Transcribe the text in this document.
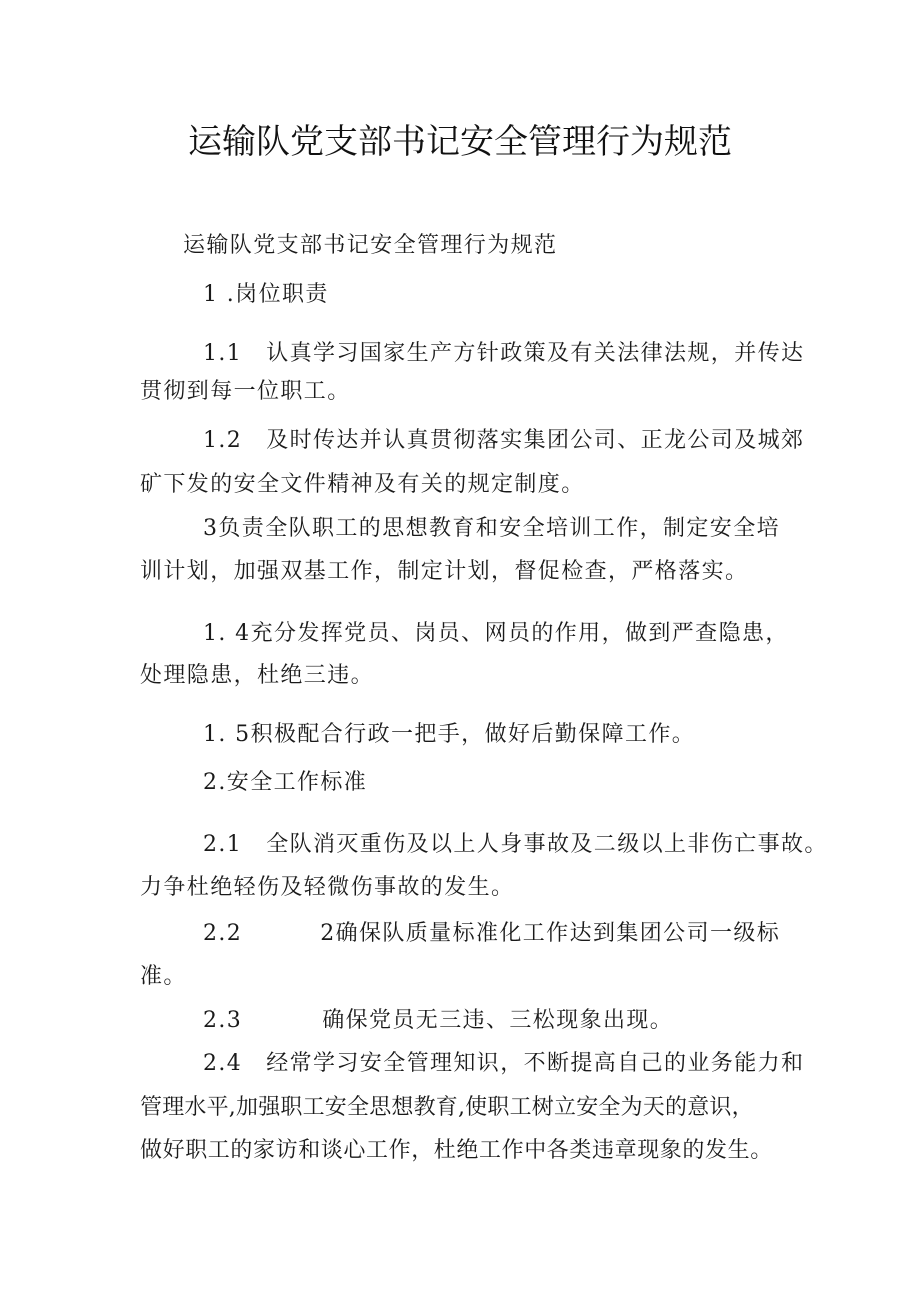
运输队党支部书记安全管理行为规范
运输队党支部书记安全管理行为规范
1 .岗位职责
1.1 认真学习国家生产方针政策及有关法律法规，并传达
贯彻到每一位职工。
1.2 及时传达并认真贯彻落实集团公司、正龙公司及城郊
矿下发的安全文件精神及有关的规定制度。
3负责全队职工的思想教育和安全培训工作，制定安全培
训计划，加强双基工作，制定计划，督促检查，严格落实。
1. 4充分发挥党员、岗员、网员的作用，做到严查隐患，
处理隐患，杜绝三违。
1. 5积极配合行政一把手，做好后勤保障工作。
2.安全工作标准
2.1 全队消灭重伤及以上人身事故及二级以上非伤亡事故。
力争杜绝轻伤及轻微伤事故的发生。
2.2	2确保队质量标准化工作达到集团公司一级标
准。
2.3	确保党员无三违、三松现象出现。
2.4 经常学习安全管理知识，不断提高自己的业务能力和
管理水平,加强职工安全思想教育,使职工树立安全为天的意识，
做好职工的家访和谈心工作，杜绝工作中各类违章现象的发生。
